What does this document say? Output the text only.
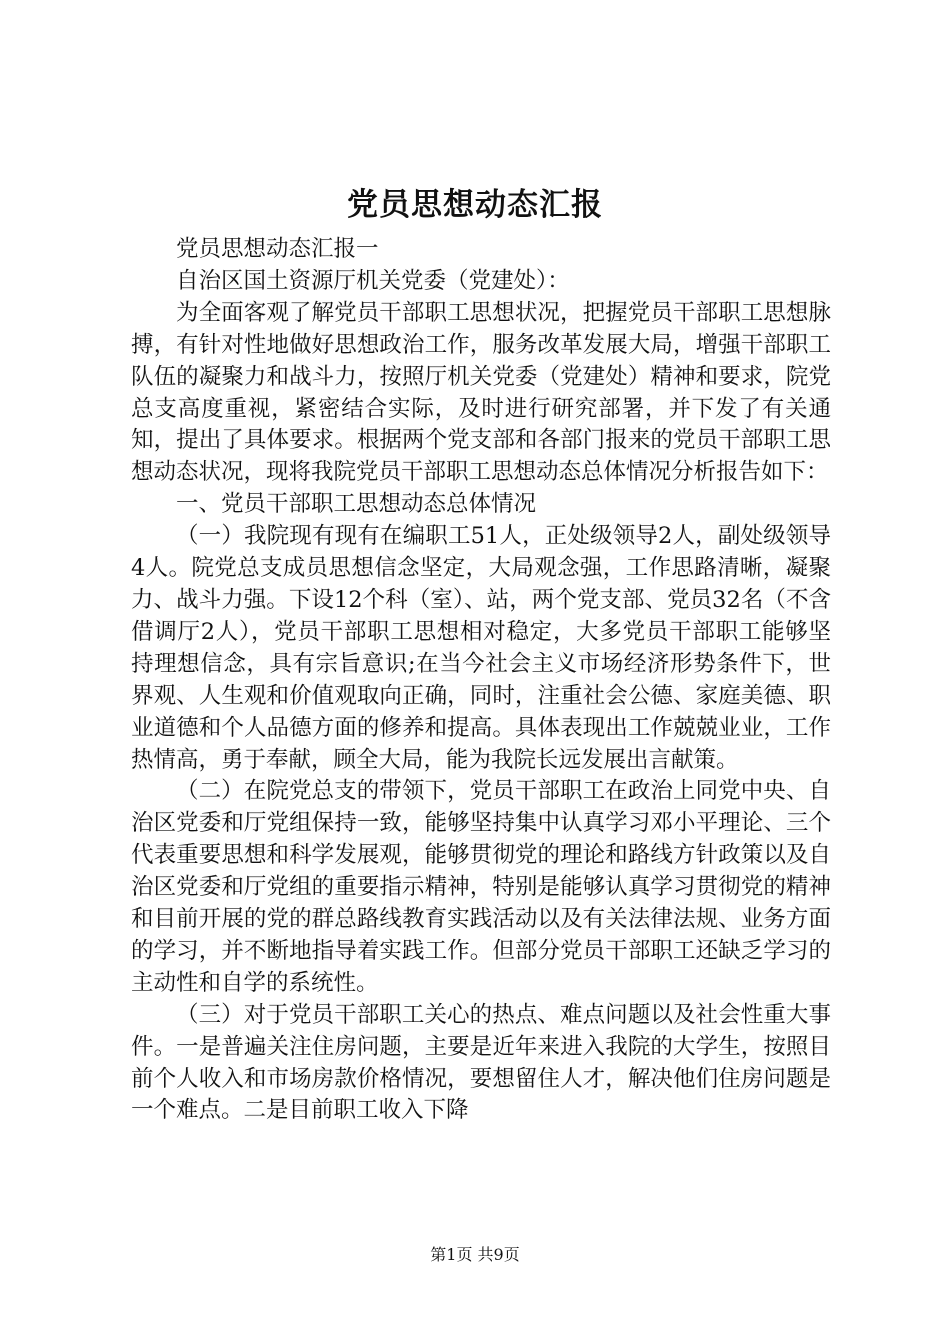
党员思想动态汇报

党员思想动态汇报一

自治区国土资源厅机关党委（党建处）：

为全面客观了解党员干部职工思想状况，把握党员干部职工思想脉搏，有针对性地做好思想政治工作，服务改革发展大局，增强干部职工队伍的凝聚力和战斗力，按照厅机关党委（党建处）精神和要求，院党总支高度重视，紧密结合实际，及时进行研究部署，并下发了有关通知，提出了具体要求。根据两个党支部和各部门报来的党员干部职工思想动态状况，现将我院党员干部职工思想动态总体情况分析报告如下：

一、党员干部职工思想动态总体情况

（一）我院现有现有在编职工51人，正处级领导2人，副处级领导4人。院党总支成员思想信念坚定，大局观念强，工作思路清晰，凝聚力、战斗力强。下设12个科（室）、站，两个党支部、党员32名（不含借调厅2人），党员干部职工思想相对稳定，大多党员干部职工能够坚持理想信念，具有宗旨意识;在当今社会主义市场经济形势条件下，世界观、人生观和价值观取向正确，同时，注重社会公德、家庭美德、职业道德和个人品德方面的修养和提高。具体表现出工作兢兢业业，工作热情高，勇于奉献，顾全大局，能为我院长远发展出言献策。

（二）在院党总支的带领下，党员干部职工在政治上同党中央、自治区党委和厅党组保持一致，能够坚持集中认真学习邓小平理论、三个代表重要思想和科学发展观，能够贯彻党的理论和路线方针政策以及自治区党委和厅党组的重要指示精神，特别是能够认真学习贯彻党的精神和目前开展的党的群总路线教育实践活动以及有关法律法规、业务方面的学习，并不断地指导着实践工作。但部分党员干部职工还缺乏学习的主动性和自学的系统性。

（三）对于党员干部职工关心的热点、难点问题以及社会性重大事件。一是普遍关注住房问题，主要是近年来进入我院的大学生，按照目前个人收入和市场房款价格情况，要想留住人才，解决他们住房问题是一个难点。二是目前职工收入下降

第1页 共9页
